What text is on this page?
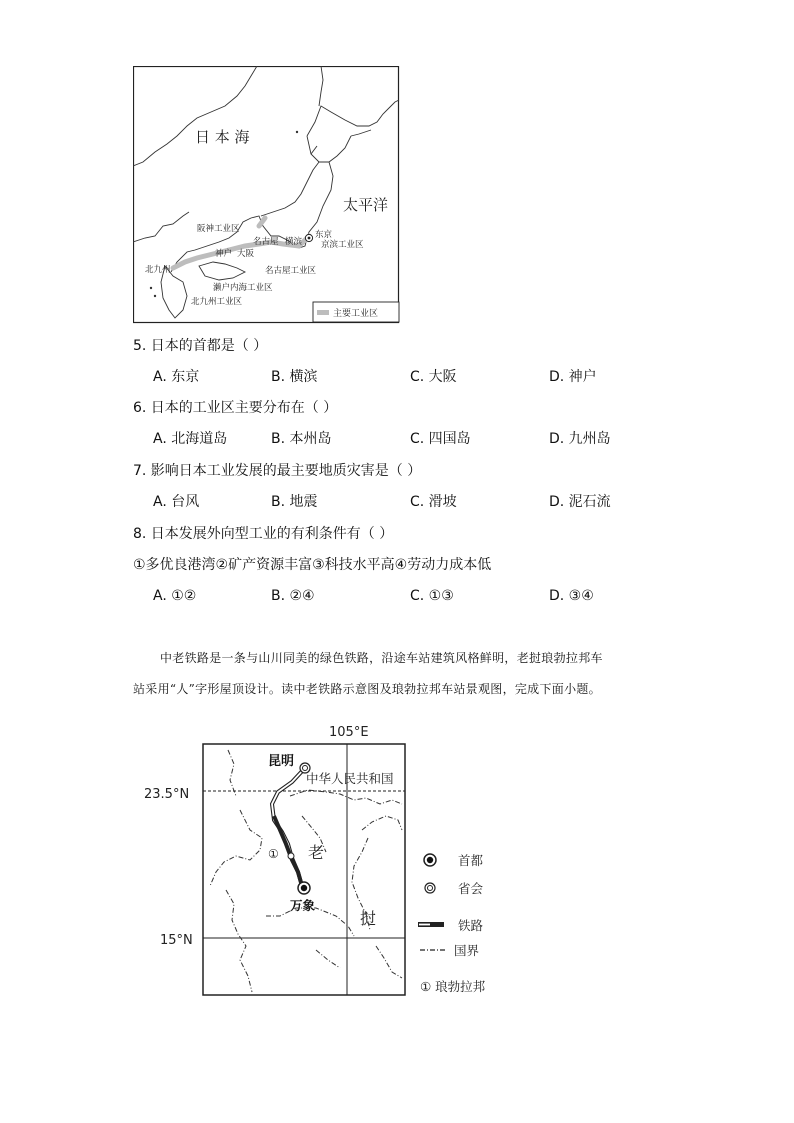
日 本 海
太平洋
阪神工业区
名古屋 横滨
东京
京滨工业区
神户 大阪
名古屋工业区
北九州
濑户内海工业区
北九州工业区
主要工业区
5. 日本的首都是（ ）
A. 东京	B. 横滨	C. 大阪	D. 神户
6. 日本的工业区主要分布在（ ）
A. 北海道岛	B. 本州岛	C. 四国岛	D. 九州岛
7. 影响日本工业发展的最主要地质灾害是（ ）
A. 台风	B. 地震	C. 滑坡	D. 泥石流
8. 日本发展外向型工业的有利条件有（ ）
①多优良港湾②矿产资源丰富③科技水平高④劳动力成本低
A. ①②	B. ②④	C. ①③	D. ③④
中老铁路是一条与山川同美的绿色铁路，沿途车站建筑风格鲜明，老挝琅勃拉邦车
站采用“人”字形屋顶设计。读中老铁路示意图及琅勃拉邦车站景观图，完成下面小题。
105°E
23.5°N
15°N
昆明
中华人民共和国
老
挝
万象
①	首都
省会
铁路
国界
① 琅勃拉邦
